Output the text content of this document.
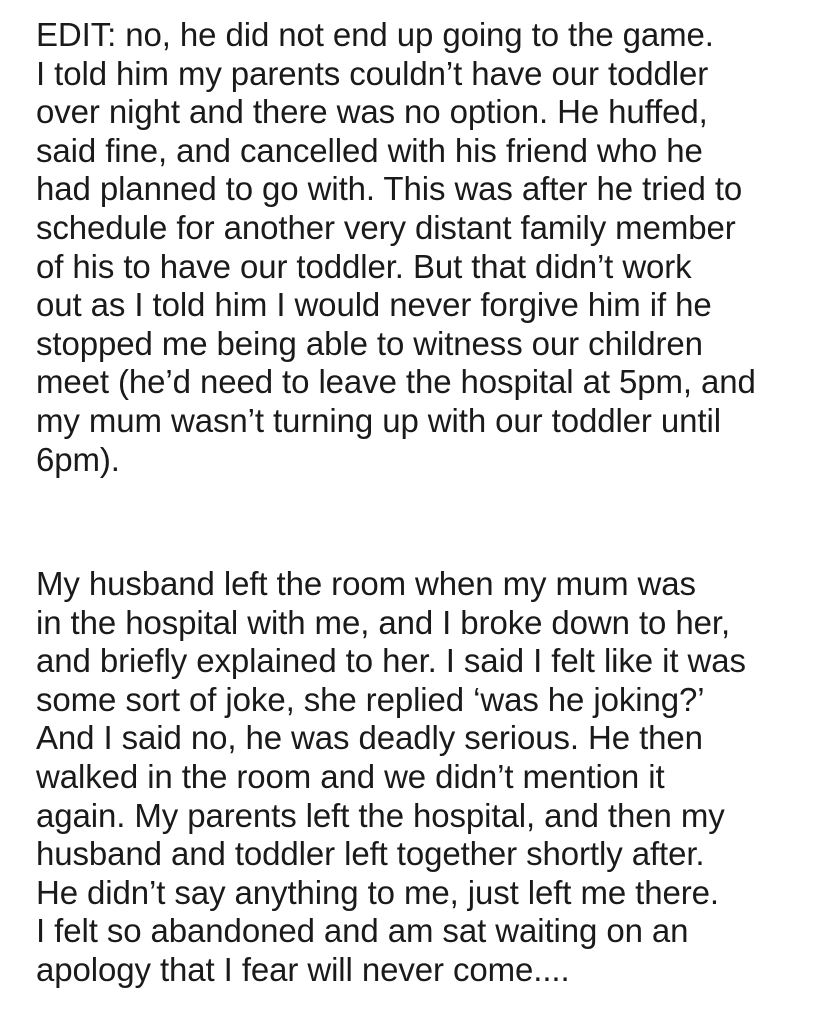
EDIT: no, he did not end up going to the game.
I told him my parents couldn’t have our toddler
over night and there was no option. He huffed,
said fine, and cancelled with his friend who he
had planned to go with. This was after he tried to
schedule for another very distant family member
of his to have our toddler. But that didn’t work
out as I told him I would never forgive him if he
stopped me being able to witness our children
meet (he’d need to leave the hospital at 5pm, and
my mum wasn’t turning up with our toddler until
6pm).
My husband left the room when my mum was
in the hospital with me, and I broke down to her,
and briefly explained to her. I said I felt like it was
some sort of joke, she replied ‘was he joking?’
And I said no, he was deadly serious. He then
walked in the room and we didn’t mention it
again. My parents left the hospital, and then my
husband and toddler left together shortly after.
He didn’t say anything to me, just left me there.
I felt so abandoned and am sat waiting on an
apology that I fear will never come....
